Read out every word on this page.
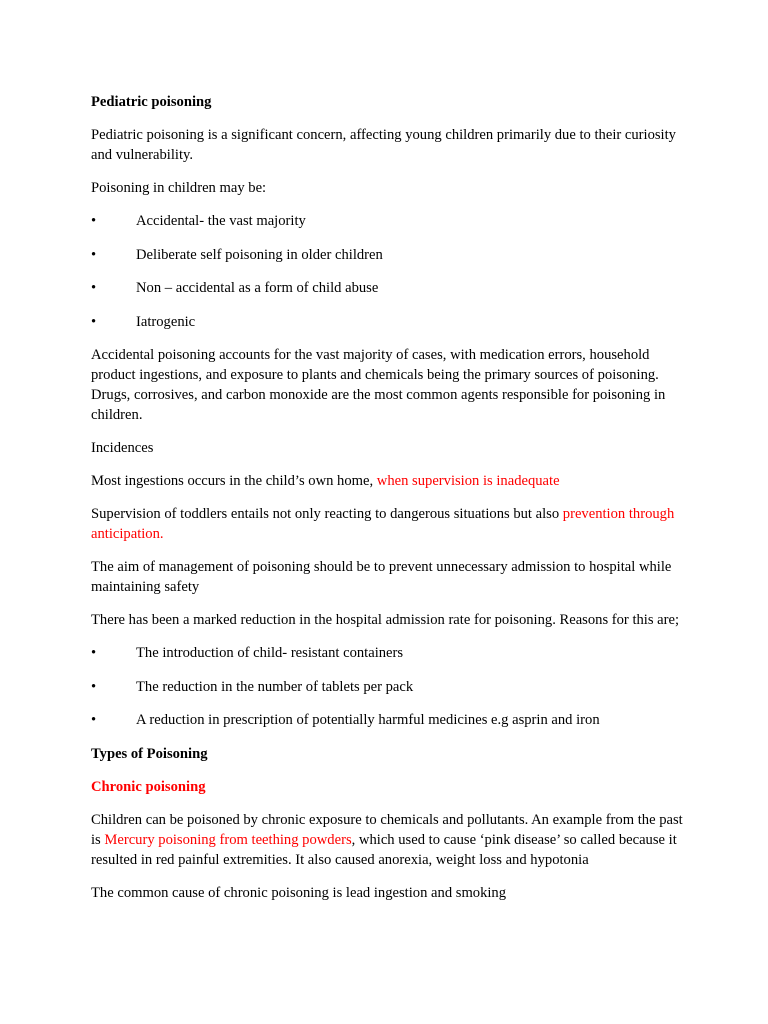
Pediatric poisoning

Pediatric poisoning is a significant concern, affecting young children primarily due to their curiosity and vulnerability.

Poisoning in children may be:

•	Accidental- the vast majority
•	Deliberate self poisoning in older children
•	Non – accidental as a form of child abuse
•	Iatrogenic

Accidental poisoning accounts for the vast majority of cases, with medication errors, household product ingestions, and exposure to plants and chemicals being the primary sources of poisoning. Drugs, corrosives, and carbon monoxide are the most common agents responsible for poisoning in children.

Incidences

Most ingestions occurs in the child’s own home, when supervision is inadequate

Supervision of toddlers entails not only reacting to dangerous situations but also prevention through anticipation.

The aim of management of poisoning should be to prevent unnecessary admission to hospital while maintaining safety

There has been a marked reduction in the hospital admission rate for poisoning. Reasons for this are;

•	The introduction of child- resistant containers
•	The reduction in the number of tablets per pack
•	A reduction in prescription of potentially harmful medicines e.g asprin and iron

Types of Poisoning

Chronic poisoning

Children can be poisoned by chronic exposure to chemicals and pollutants. An example from the past is Mercury poisoning from teething powders, which used to cause ‘pink disease’ so called because it resulted in red painful extremities. It also caused anorexia, weight loss and hypotonia

The common cause of chronic poisoning is lead ingestion and smoking
